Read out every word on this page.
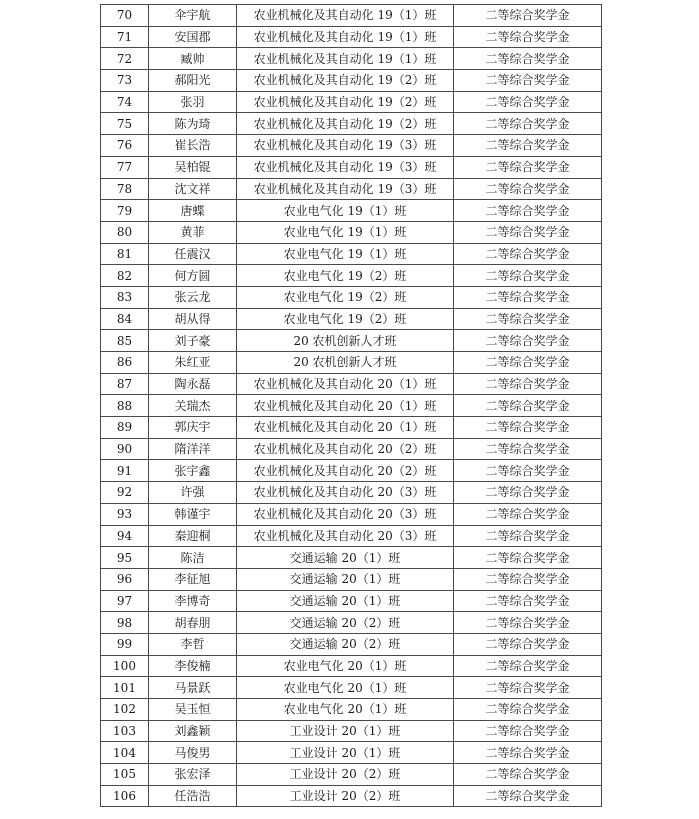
70	伞宇航	农业机械化及其自动化 19（1）班	二等综合奖学金
71	安国郡	农业机械化及其自动化 19（1）班	二等综合奖学金
72	臧帅	农业机械化及其自动化 19（1）班	二等综合奖学金
73	郝阳光	农业机械化及其自动化 19（2）班	二等综合奖学金
74	张羽	农业机械化及其自动化 19（2）班	二等综合奖学金
75	陈为琦	农业机械化及其自动化 19（2）班	二等综合奖学金
76	崔长浩	农业机械化及其自动化 19（3）班	二等综合奖学金
77	吴柏锟	农业机械化及其自动化 19（3）班	二等综合奖学金
78	沈文祥	农业机械化及其自动化 19（3）班	二等综合奖学金
79	唐蝶	农业电气化 19（1）班	二等综合奖学金
80	黄菲	农业电气化 19（1）班	二等综合奖学金
81	任震汉	农业电气化 19（1）班	二等综合奖学金
82	何方圆	农业电气化 19（2）班	二等综合奖学金
83	张云龙	农业电气化 19（2）班	二等综合奖学金
84	胡从得	农业电气化 19（2）班	二等综合奖学金
85	刘子豪	20 农机创新人才班	二等综合奖学金
86	朱红亚	20 农机创新人才班	二等综合奖学金
87	陶永磊	农业机械化及其自动化 20（1）班	二等综合奖学金
88	关瑞杰	农业机械化及其自动化 20（1）班	二等综合奖学金
89	郭庆宇	农业机械化及其自动化 20（1）班	二等综合奖学金
90	隋洋洋	农业机械化及其自动化 20（2）班	二等综合奖学金
91	张宇鑫	农业机械化及其自动化 20（2）班	二等综合奖学金
92	许强	农业机械化及其自动化 20（3）班	二等综合奖学金
93	韩谨宇	农业机械化及其自动化 20（3）班	二等综合奖学金
94	秦迎桐	农业机械化及其自动化 20（3）班	二等综合奖学金
95	陈洁	交通运输 20（1）班	二等综合奖学金
96	李征旭	交通运输 20（1）班	二等综合奖学金
97	李博奇	交通运输 20（1）班	二等综合奖学金
98	胡春朋	交通运输 20（2）班	二等综合奖学金
99	李哲	交通运输 20（2）班	二等综合奖学金
100	李俊楠	农业电气化 20（1）班	二等综合奖学金
101	马景跃	农业电气化 20（1）班	二等综合奖学金
102	吴玉恒	农业电气化 20（1）班	二等综合奖学金
103	刘鑫颖	工业设计 20（1）班	二等综合奖学金
104	马俊男	工业设计 20（1）班	二等综合奖学金
105	张宏泽	工业设计 20（2）班	二等综合奖学金
106	任浩浩	工业设计 20（2）班	二等综合奖学金
